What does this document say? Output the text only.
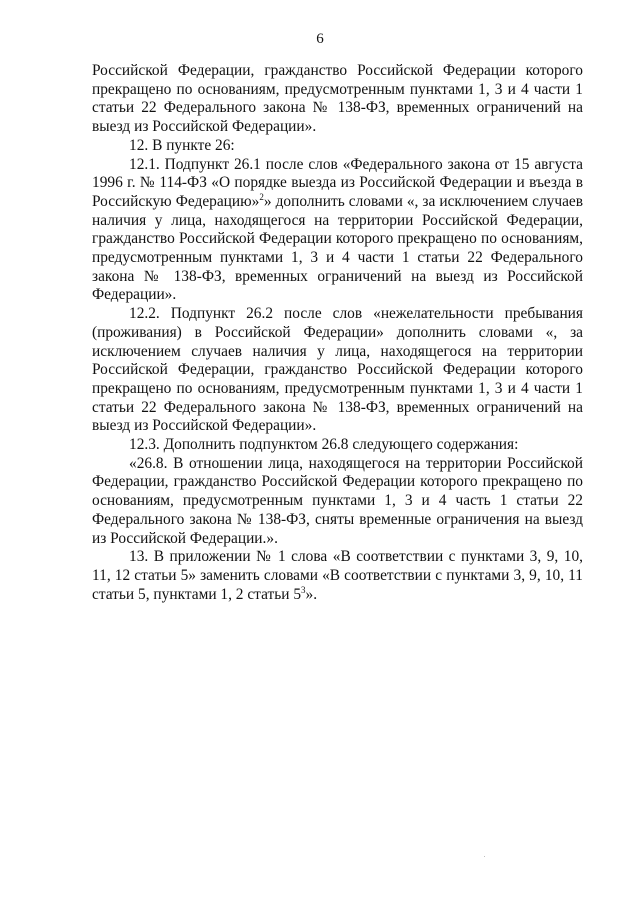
6

Российской Федерации, гражданство Российской Федерации которого прекращено по основаниям, предусмотренным пунктами 1, 3 и 4 части 1 статьи 22 Федерального закона № 138-ФЗ, временных ограничений на выезд из Российской Федерации».

12. В пункте 26:

12.1. Подпункт 26.1 после слов «Федерального закона от 15 августа 1996 г. № 114-ФЗ «О порядке выезда из Российской Федерации и въезда в Российскую Федерацию»$^2$» дополнить словами «, за исключением случаев наличия у лица, находящегося на территории Российской Федерации, гражданство Российской Федерации которого прекращено по основаниям, предусмотренным пунктами 1, 3 и 4 части 1 статьи 22 Федерального закона № 138-ФЗ, временных ограничений на выезд из Российской Федерации».

12.2. Подпункт 26.2 после слов «нежелательности пребывания (проживания) в Российской Федерации» дополнить словами «, за исключением случаев наличия у лица, находящегося на территории Российской Федерации, гражданство Российской Федерации которого прекращено по основаниям, предусмотренным пунктами 1, 3 и 4 части 1 статьи 22 Федерального закона № 138-ФЗ, временных ограничений на выезд из Российской Федерации».

12.3. Дополнить подпунктом 26.8 следующего содержания:

«26.8. В отношении лица, находящегося на территории Российской Федерации, гражданство Российской Федерации которого прекращено по основаниям, предусмотренным пунктами 1, 3 и 4 часть 1 статьи 22 Федерального закона № 138-ФЗ, сняты временные ограничения на выезд из Российской Федерации.».

13. В приложении № 1 слова «В соответствии с пунктами 3, 9, 10, 11, 12 статьи 5» заменить словами «В соответствии с пунктами 3, 9, 10, 11 статьи 5, пунктами 1, 2 статьи $5^3$».
